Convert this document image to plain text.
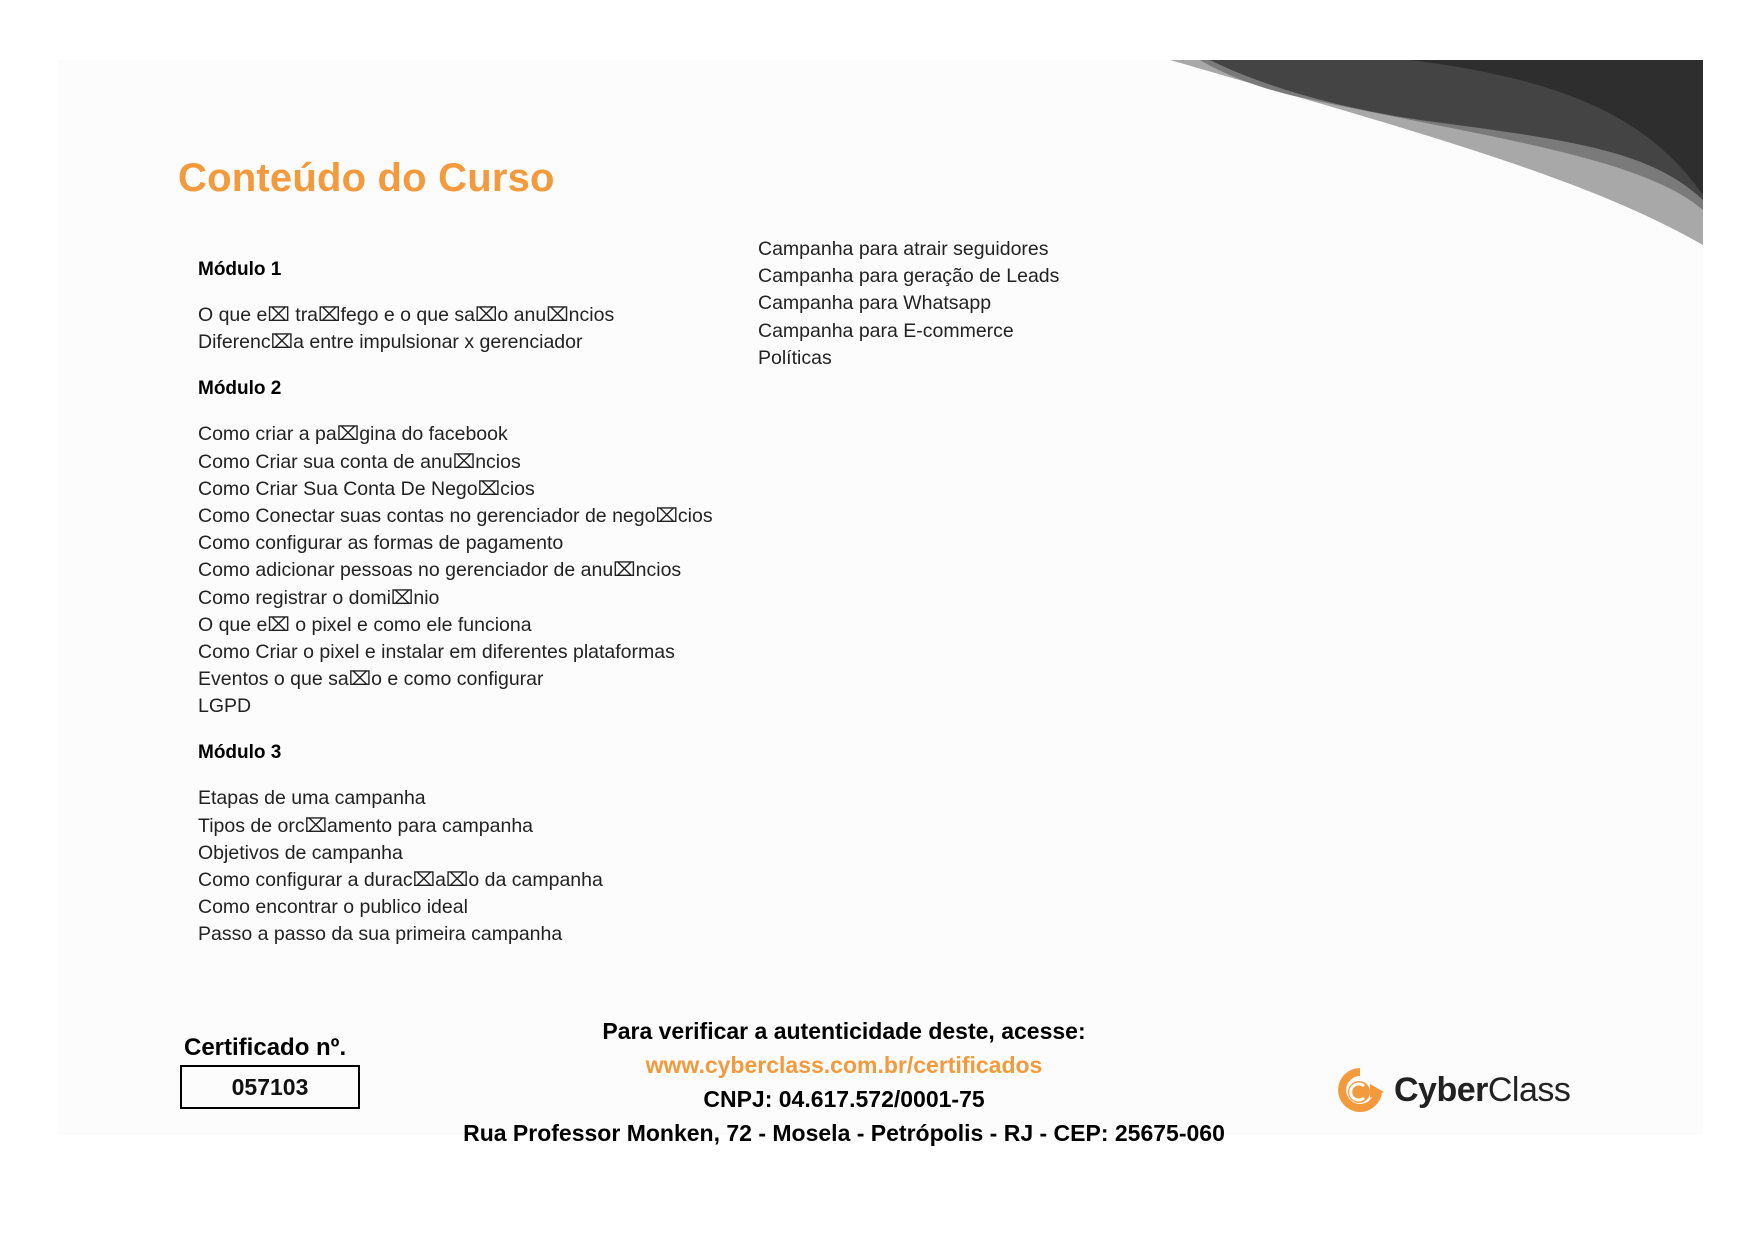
Conteúdo do Curso
Módulo 1
O que e⌧ tra⌧fego e o que sa⌧o anu⌧ncios
Diferenc⌧a entre impulsionar x gerenciador
Módulo 2
Como criar a pa⌧gina do facebook
Como Criar sua conta de anu⌧ncios
Como Criar Sua Conta De Nego⌧cios
Como Conectar suas contas no gerenciador de nego⌧cios
Como configurar as formas de pagamento
Como adicionar pessoas no gerenciador de anu⌧ncios
Como registrar o domi⌧nio
O que e⌧ o pixel e como ele funciona
Como Criar o pixel e instalar em diferentes plataformas
Eventos o que sa⌧o e como configurar
LGPD
Módulo 3
Etapas de uma campanha
Tipos de orc⌧amento para campanha
Objetivos de campanha
Como configurar a durac⌧a⌧o da campanha
Como encontrar o publico ideal
Passo a passo da sua primeira campanha
Campanha para atrair seguidores
Campanha para geração de Leads
Campanha para Whatsapp
Campanha para E-commerce
Políticas
Certificado nº.
057103
Para verificar a autenticidade deste, acesse:
www.cyberclass.com.br/certificados
CNPJ: 04.617.572/0001-75
Rua Professor Monken, 72 - Mosela - Petrópolis - RJ - CEP: 25675-060
CyberClass
